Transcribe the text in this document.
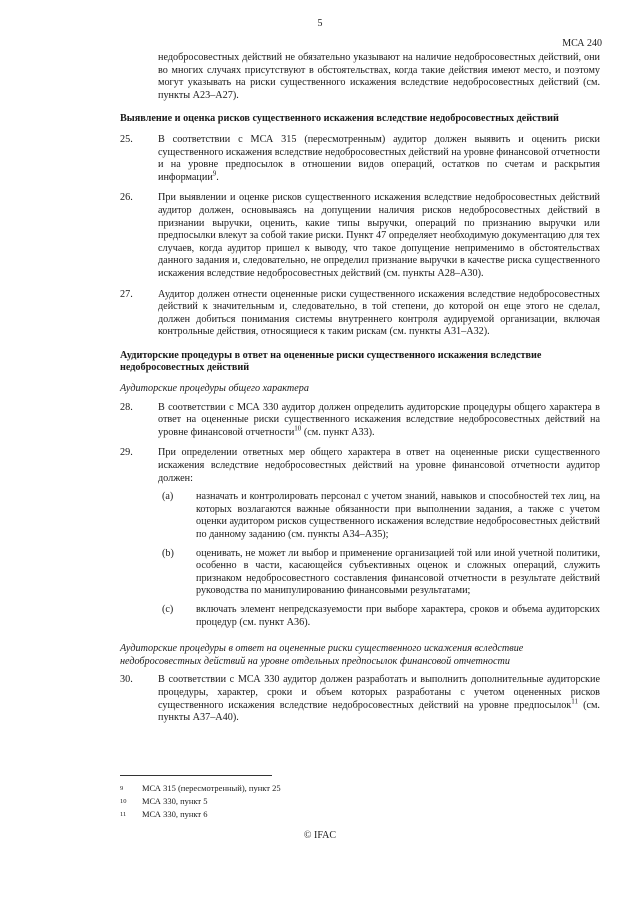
5
МСА 240
недобросовестных действий не обязательно указывают на наличие недобросовестных действий, они во многих случаях присутствуют в обстоятельствах, когда такие действия имеют место, и поэтому могут указывать на риски существенного искажения вследствие недобросовестных действий (см. пункты А23–А27).
Выявление и оценка рисков существенного искажения вследствие недобросовестных действий
25.	В соответствии с МСА 315 (пересмотренным) аудитор должен выявить и оценить риски существенного искажения вследствие недобросовестных действий на уровне финансовой отчетности и на уровне предпосылок в отношении видов операций, остатков по счетам и раскрытия информации$^9$.
26.	При выявлении и оценке рисков существенного искажения вследствие недобросовестных действий аудитор должен, основываясь на допущении наличия рисков недобросовестных действий в признании выручки, оценить, какие типы выручки, операций по признанию выручки или предпосылки влекут за собой такие риски. Пункт 47 определяет необходимую документацию для тех случаев, когда аудитор пришел к выводу, что такое допущение неприменимо в обстоятельствах данного задания и, следовательно, не определил признание выручки в качестве риска существенного искажения вследствие недобросовестных действий (см. пункты А28–А30).
27.	Аудитор должен отнести оцененные риски существенного искажения вследствие недобросовестных действий к значительным и, следовательно, в той степени, до которой он еще этого не сделал, должен добиться понимания системы внутреннего контроля аудируемой организации, включая контрольные действия, относящиеся к таким рискам (см. пункты А31–А32).
Аудиторские процедуры в ответ на оцененные риски существенного искажения вследствие недобросовестных действий
Аудиторские процедуры общего характера
28.	В соответствии с МСА 330 аудитор должен определить аудиторские процедуры общего характера в ответ на оцененные риски существенного искажения вследствие недобросовестных действий на уровне финансовой отчетности$^{10}$ (см. пункт А33).
29.	При определении ответных мер общего характера в ответ на оцененные риски существенного искажения вследствие недобросовестных действий на уровне финансовой отчетности аудитор должен:
(a)	назначать и контролировать персонал с учетом знаний, навыков и способностей тех лиц, на которых возлагаются важные обязанности при выполнении задания, а также с учетом оценки аудитором рисков существенного искажения вследствие недобросовестных действий по данному заданию (см. пункты А34–А35);
(b)	оценивать, не может ли выбор и применение организацией той или иной учетной политики, особенно в части, касающейся субъективных оценок и сложных операций, служить признаком недобросовестного составления финансовой отчетности в результате действий руководства по манипулированию финансовыми результатами;
(c)	включать элемент непредсказуемости при выборе характера, сроков и объема аудиторских процедур (см. пункт А36).
Аудиторские процедуры в ответ на оцененные риски существенного искажения вследствие недобросовестных действий на уровне отдельных предпосылок финансовой отчетности
30.	В соответствии с МСА 330 аудитор должен разработать и выполнить дополнительные аудиторские процедуры, характер, сроки и объем которых разработаны с учетом оцененных рисков существенного искажения вследствие недобросовестных действий на уровне предпосылок$^{11}$ (см. пункты А37–А40).
9	МСА 315 (пересмотренный), пункт 25
10	МСА 330, пункт 5
11	МСА 330, пункт 6
© IFAC
